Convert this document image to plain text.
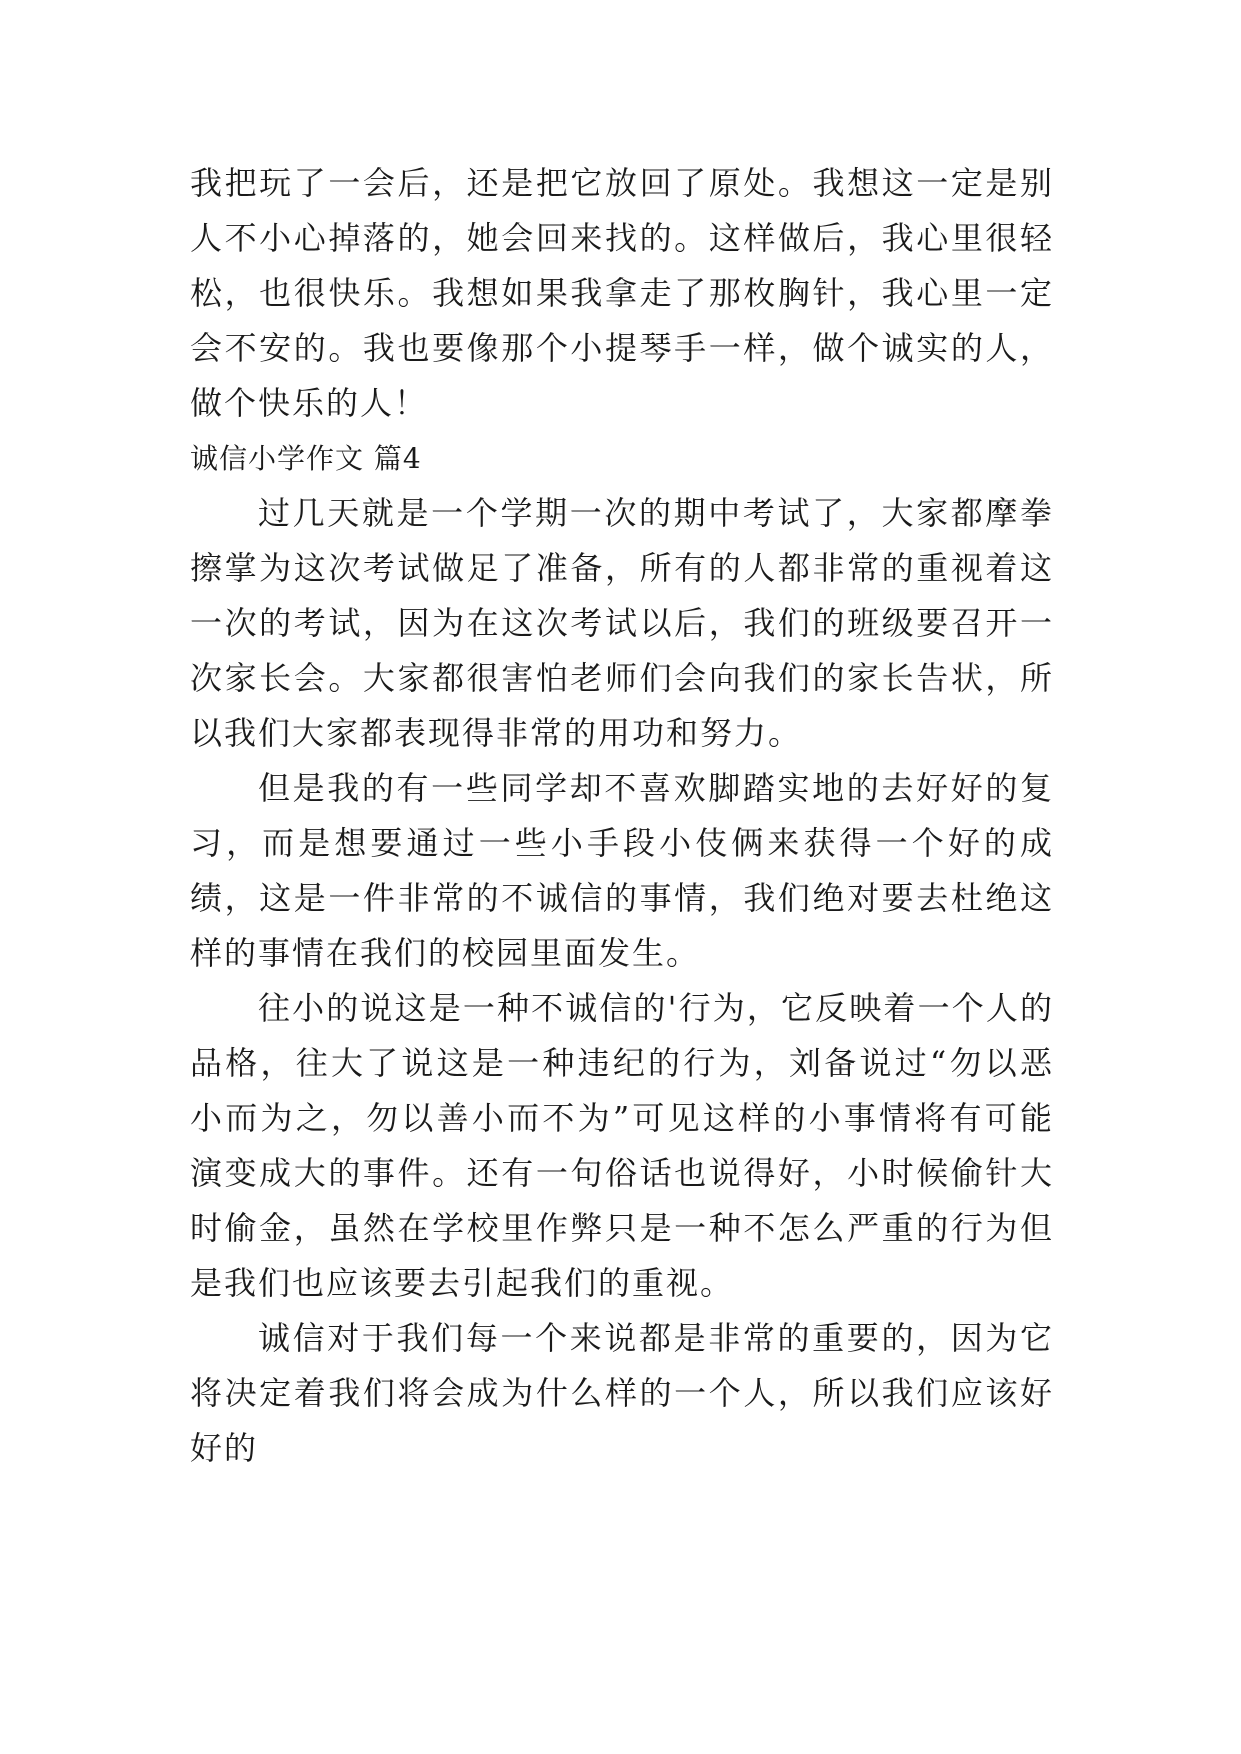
我把玩了一会后，还是把它放回了原处。我想这一定是别人不小心掉落的，她会回来找的。这样做后，我心里很轻松，也很快乐。我想如果我拿走了那枚胸针，我心里一定会不安的。我也要像那个小提琴手一样，做个诚实的人，做个快乐的人！

诚信小学作文 篇4

过几天就是一个学期一次的期中考试了，大家都摩拳擦掌为这次考试做足了准备，所有的人都非常的重视着这一次的考试，因为在这次考试以后，我们的班级要召开一次家长会。大家都很害怕老师们会向我们的家长告状，所以我们大家都表现得非常的用功和努力。

但是我的有一些同学却不喜欢脚踏实地的去好好的复习，而是想要通过一些小手段小伎俩来获得一个好的成绩，这是一件非常的不诚信的事情，我们绝对要去杜绝这样的事情在我们的校园里面发生。

往小的说这是一种不诚信的'行为，它反映着一个人的品格，往大了说这是一种违纪的行为，刘备说过“勿以恶小而为之，勿以善小而不为”可见这样的小事情将有可能演变成大的事件。还有一句俗话也说得好，小时候偷针大时偷金，虽然在学校里作弊只是一种不怎么严重的行为但是我们也应该要去引起我们的重视。

诚信对于我们每一个来说都是非常的重要的，因为它将决定着我们将会成为什么样的一个人，所以我们应该好好的
